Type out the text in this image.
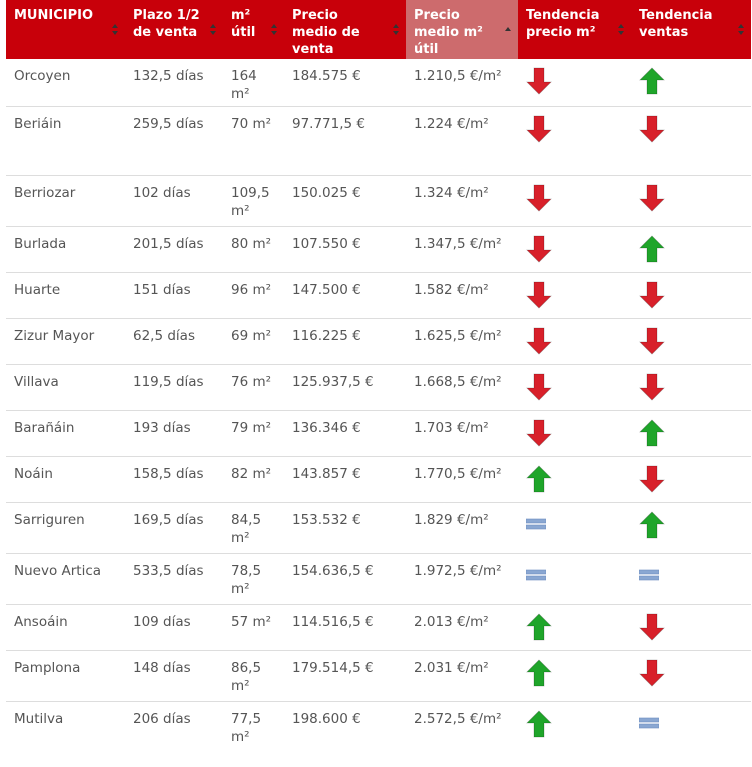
MUNICIPIO	Plazo 1/2 de venta	m² útil	Precio medio de venta	Precio medio m² útil	Tendencia precio m²	Tendencia ventas

Orcoyen	132,5 días	164 m²	184.575 €	1.210,5 €/m²	

Beriáin	259,5 días	70 m²	97.771,5 €	1.224 €/m²	

Berriozar	102 días	109,5 m²	150.025 €	1.324 €/m²	

Burlada	201,5 días	80 m²	107.550 €	1.347,5 €/m²	

Huarte	151 días	96 m²	147.500 €	1.582 €/m²	

Zizur Mayor	62,5 días	69 m²	116.225 €	1.625,5 €/m²	

Villava	119,5 días	76 m²	125.937,5 €	1.668,5 €/m²	

Barañáin	193 días	79 m²	136.346 €	1.703 €/m²	

Noáin	158,5 días	82 m²	143.857 €	1.770,5 €/m²	

Sarriguren	169,5 días	84,5 m²	153.532 €	1.829 €/m²	

Nuevo Artica	533,5 días	78,5 m²	154.636,5 €	1.972,5 €/m²	

Ansoáin	109 días	57 m²	114.516,5 €	2.013 €/m²	

Pamplona	148 días	86,5 m²	179.514,5 €	2.031 €/m²	

Mutilva	206 días	77,5 m²	198.600 €	2.572,5 €/m²	
